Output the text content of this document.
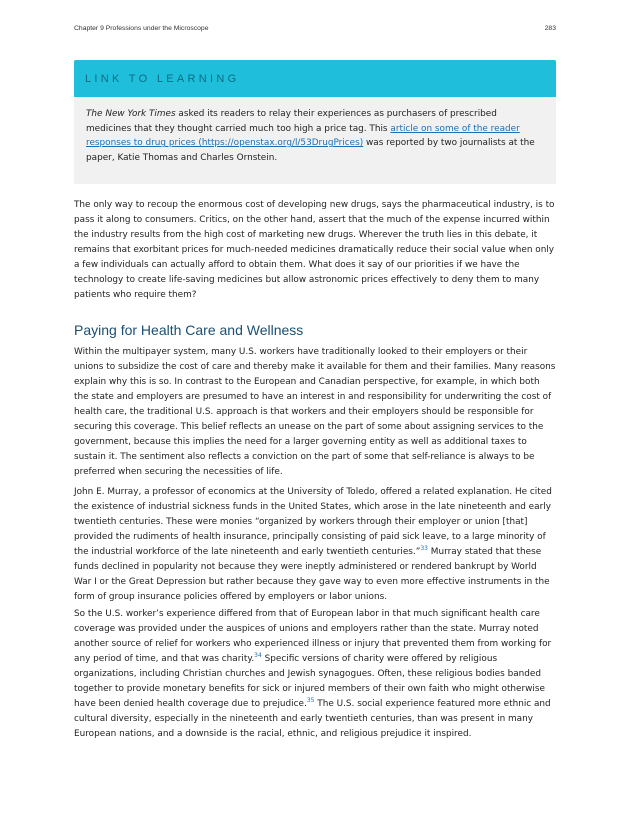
Chapter 9 Professions under the Microscope	283
LINK TO LEARNING
The New York Times asked its readers to relay their experiences as purchasers of prescribed medicines that they thought carried much too high a price tag. This article on some of the reader responses to drug prices (https://openstax.org/l/53DrugPrices) was reported by two journalists at the paper, Katie Thomas and Charles Ornstein.

The only way to recoup the enormous cost of developing new drugs, says the pharmaceutical industry, is to pass it along to consumers. Critics, on the other hand, assert that the much of the expense incurred within the industry results from the high cost of marketing new drugs. Wherever the truth lies in this debate, it remains that exorbitant prices for much-needed medicines dramatically reduce their social value when only a few individuals can actually afford to obtain them. What does it say of our priorities if we have the technology to create life-saving medicines but allow astronomic prices effectively to deny them to many patients who require them?

Paying for Health Care and Wellness

Within the multipayer system, many U.S. workers have traditionally looked to their employers or their unions to subsidize the cost of care and thereby make it available for them and their families. Many reasons explain why this is so. In contrast to the European and Canadian perspective, for example, in which both the state and employers are presumed to have an interest in and responsibility for underwriting the cost of health care, the traditional U.S. approach is that workers and their employers should be responsible for securing this coverage. This belief reflects an unease on the part of some about assigning services to the government, because this implies the need for a larger governing entity as well as additional taxes to sustain it. The sentiment also reflects a conviction on the part of some that self-reliance is always to be preferred when securing the necessities of life.

John E. Murray, a professor of economics at the University of Toledo, offered a related explanation. He cited the existence of industrial sickness funds in the United States, which arose in the late nineteenth and early twentieth centuries. These were monies “organized by workers through their employer or union [that] provided the rudiments of health insurance, principally consisting of paid sick leave, to a large minority of the industrial workforce of the late nineteenth and early twentieth centuries.”$^{33}$ Murray stated that these funds declined in popularity not because they were ineptly administered or rendered bankrupt by World War I or the Great Depression but rather because they gave way to even more effective instruments in the form of group insurance policies offered by employers or labor unions.

So the U.S. worker’s experience differed from that of European labor in that much significant health care coverage was provided under the auspices of unions and employers rather than the state. Murray noted another source of relief for workers who experienced illness or injury that prevented them from working for any period of time, and that was charity.$^{34}$ Specific versions of charity were offered by religious organizations, including Christian churches and Jewish synagogues. Often, these religious bodies banded together to provide monetary benefits for sick or injured members of their own faith who might otherwise have been denied health coverage due to prejudice.$^{35}$ The U.S. social experience featured more ethnic and cultural diversity, especially in the nineteenth and early twentieth centuries, than was present in many European nations, and a downside is the racial, ethnic, and religious prejudice it inspired.
